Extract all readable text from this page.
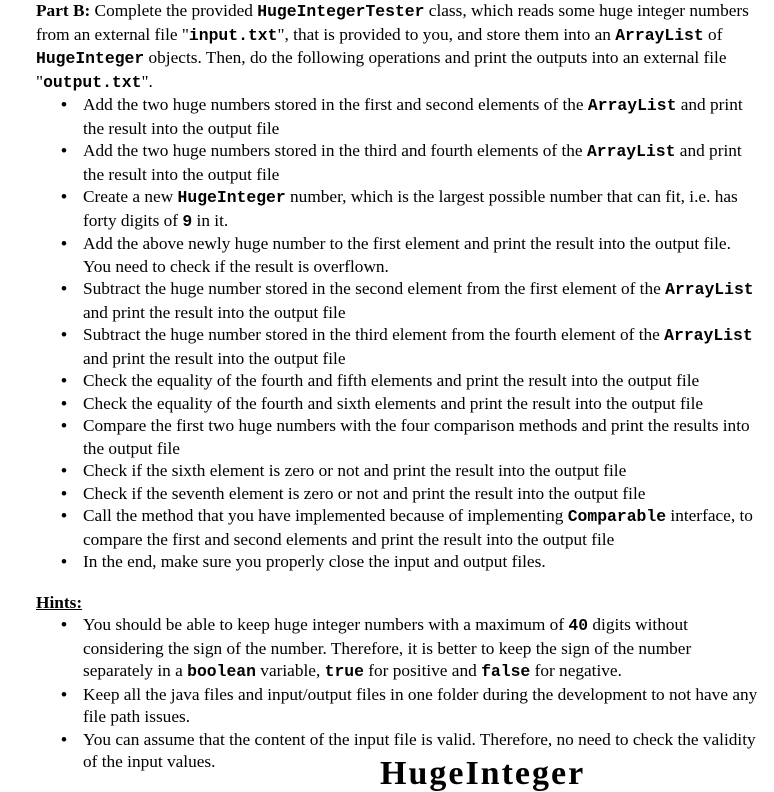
Part B: Complete the provided HugeIntegerTester class, which reads some huge integer numbers from an external file "input.txt", that is provided to you, and store them into an ArrayList of HugeInteger objects. Then, do the following operations and print the outputs into an external file "output.txt".

• Add the two huge numbers stored in the first and second elements of the ArrayList and print the result into the output file
• Add the two huge numbers stored in the third and fourth elements of the ArrayList and print the result into the output file
• Create a new HugeInteger number, which is the largest possible number that can fit, i.e. has forty digits of 9 in it.
• Add the above newly huge number to the first element and print the result into the output file. You need to check if the result is overflown.
• Subtract the huge number stored in the second element from the first element of the ArrayList and print the result into the output file
• Subtract the huge number stored in the third element from the fourth element of the ArrayList and print the result into the output file
• Check the equality of the fourth and fifth elements and print the result into the output file
• Check the equality of the fourth and sixth elements and print the result into the output file
• Compare the first two huge numbers with the four comparison methods and print the results into the output file
• Check if the sixth element is zero or not and print the result into the output file
• Check if the seventh element is zero or not and print the result into the output file
• Call the method that you have implemented because of implementing Comparable interface, to compare the first and second elements and print the result into the output file
• In the end, make sure you properly close the input and output files.

Hints:

• You should be able to keep huge integer numbers with a maximum of 40 digits without considering the sign of the number. Therefore, it is better to keep the sign of the number separately in a boolean variable, true for positive and false for negative.
• Keep all the java files and input/output files in one folder during the development to not have any file path issues.
• You can assume that the content of the input file is valid. Therefore, no need to check the validity of the input values.	HugeInteger
